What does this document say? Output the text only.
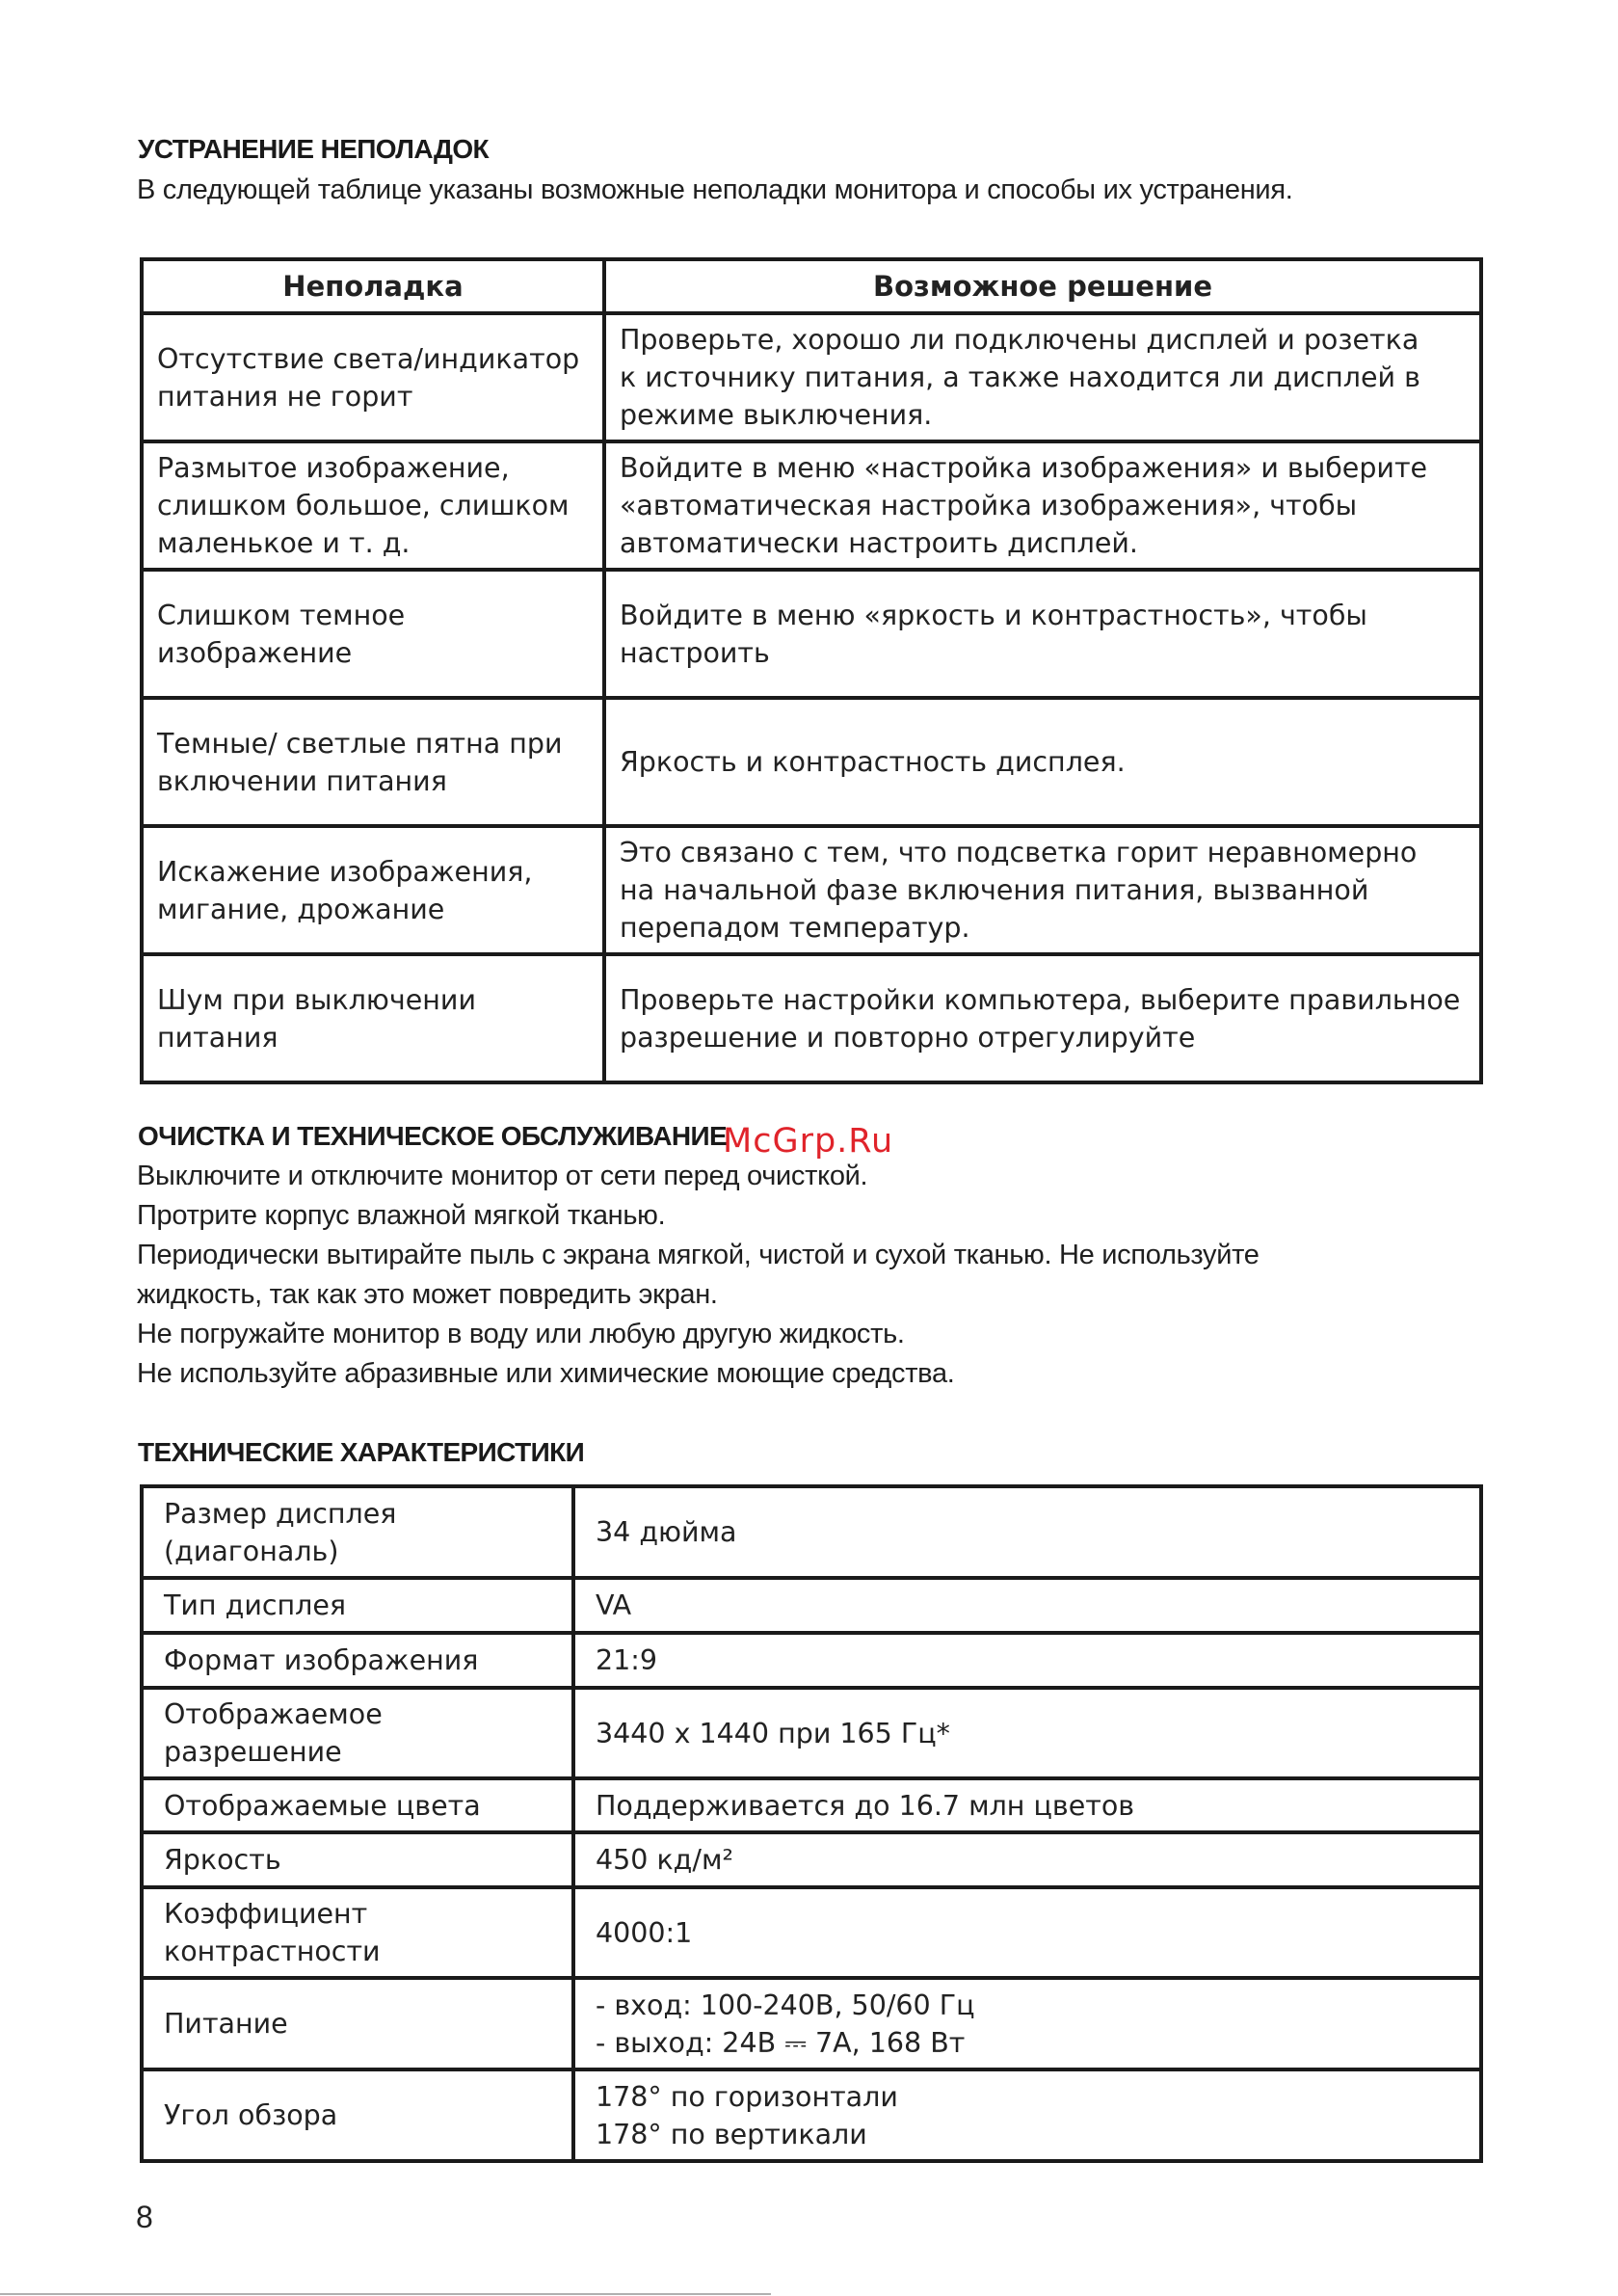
УСТРАНЕНИЕ НЕПОЛАДОК

В следующей таблице указаны возможные неполадки монитора и способы их устранения.

Неполадка	Возможное решение
Отсутствие света/индикатор
питания не горит	Проверьте, хорошо ли подключены дисплей и розетка
к источнику питания, а также находится ли дисплей в
режиме выключения.
Размытое изображение,
слишком большое, слишком
маленькое и т. д.	Войдите в меню «настройка изображения» и выберите
«автоматическая настройка изображения», чтобы
автоматически настроить дисплей.
Слишком темное
изображение	Войдите в меню «яркость и контрастность», чтобы
настроить
Темные/ светлые пятна при
включении питания	Яркость и контрастность дисплея.
Искажение изображения,
мигание, дрожание	Это связано с тем, что подсветка горит неравномерно
на начальной фазе включения питания, вызванной
перепадом температур.
Шум при выключении
питания	Проверьте настройки компьютера, выберите правильное
разрешение и повторно отрегулируйте
ОЧИСТКА И ТЕХНИЧЕСКОЕ ОБСЛУЖИВАНИЕ

Выключите и отключите монитор от сети перед очисткой.

Протрите корпус влажной мягкой тканью.

Периодически вытирайте пыль с экрана мягкой, чистой и сухой тканью. Не используйте
жидкость, так как это может повредить экран.

Не погружайте монитор в воду или любую другую жидкость.

Не используйте абразивные или химические моющие средства.

McGrp.Ru

ТЕХНИЧЕСКИЕ ХАРАКТЕРИСТИКИ
Размер дисплея
(диагональ)	34 дюйма
Тип дисплея	VA
Формат изображения	21:9
Отображаемое
разрешение	3440 x 1440 при 165 Гц*
Отображаемые цвета	Поддерживается до 16.7 млн цветов
Яркость	450 кд/м²
Коэффициент
контрастности	4000:1
Питание	- вход: 100-240В, 50/60 Гц
- выход: 24В ⎓ 7А, 168 Вт
Угол обзора	178° по горизонтали
178° по вертикали

8
